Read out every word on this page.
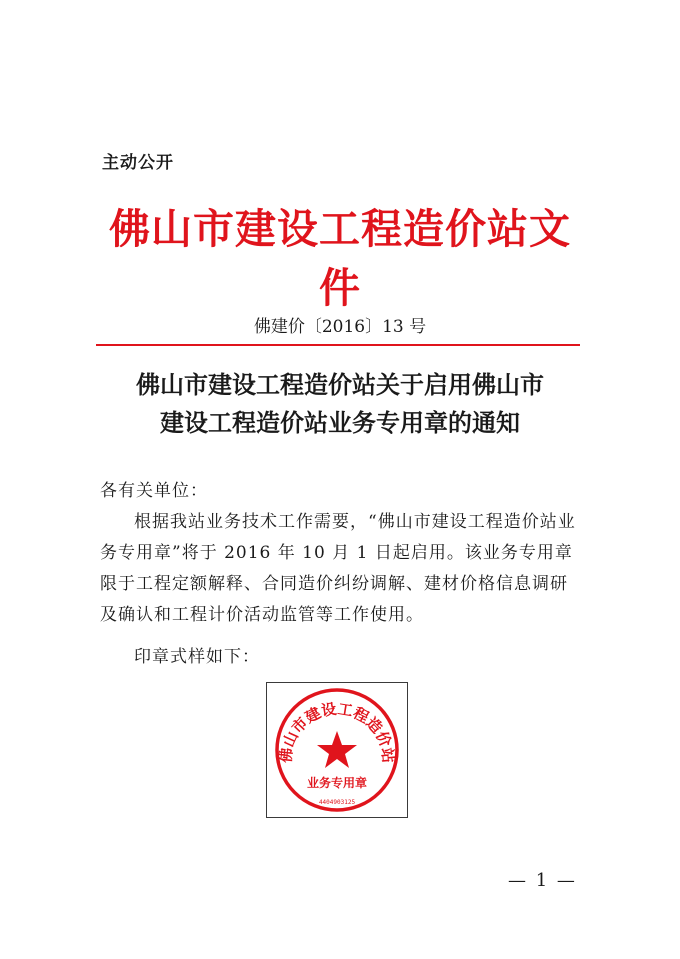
主动公开
佛山市建设工程造价站文件
佛建价〔2016〕13 号
佛山市建设工程造价站关于启用佛山市
建设工程造价站业务专用章的通知
各有关单位：
根据我站业务技术工作需要，“佛山市建设工程造价站业务专用章”将于 2016 年 10 月 1 日起启用。该业务专用章限于工程定额解释、合同造价纠纷调解、建材价格信息调研及确认和工程计价活动监管等工作使用。
印章式样如下：
佛山市建设工程造价站
业务专用章
4404903125
— 1 —
